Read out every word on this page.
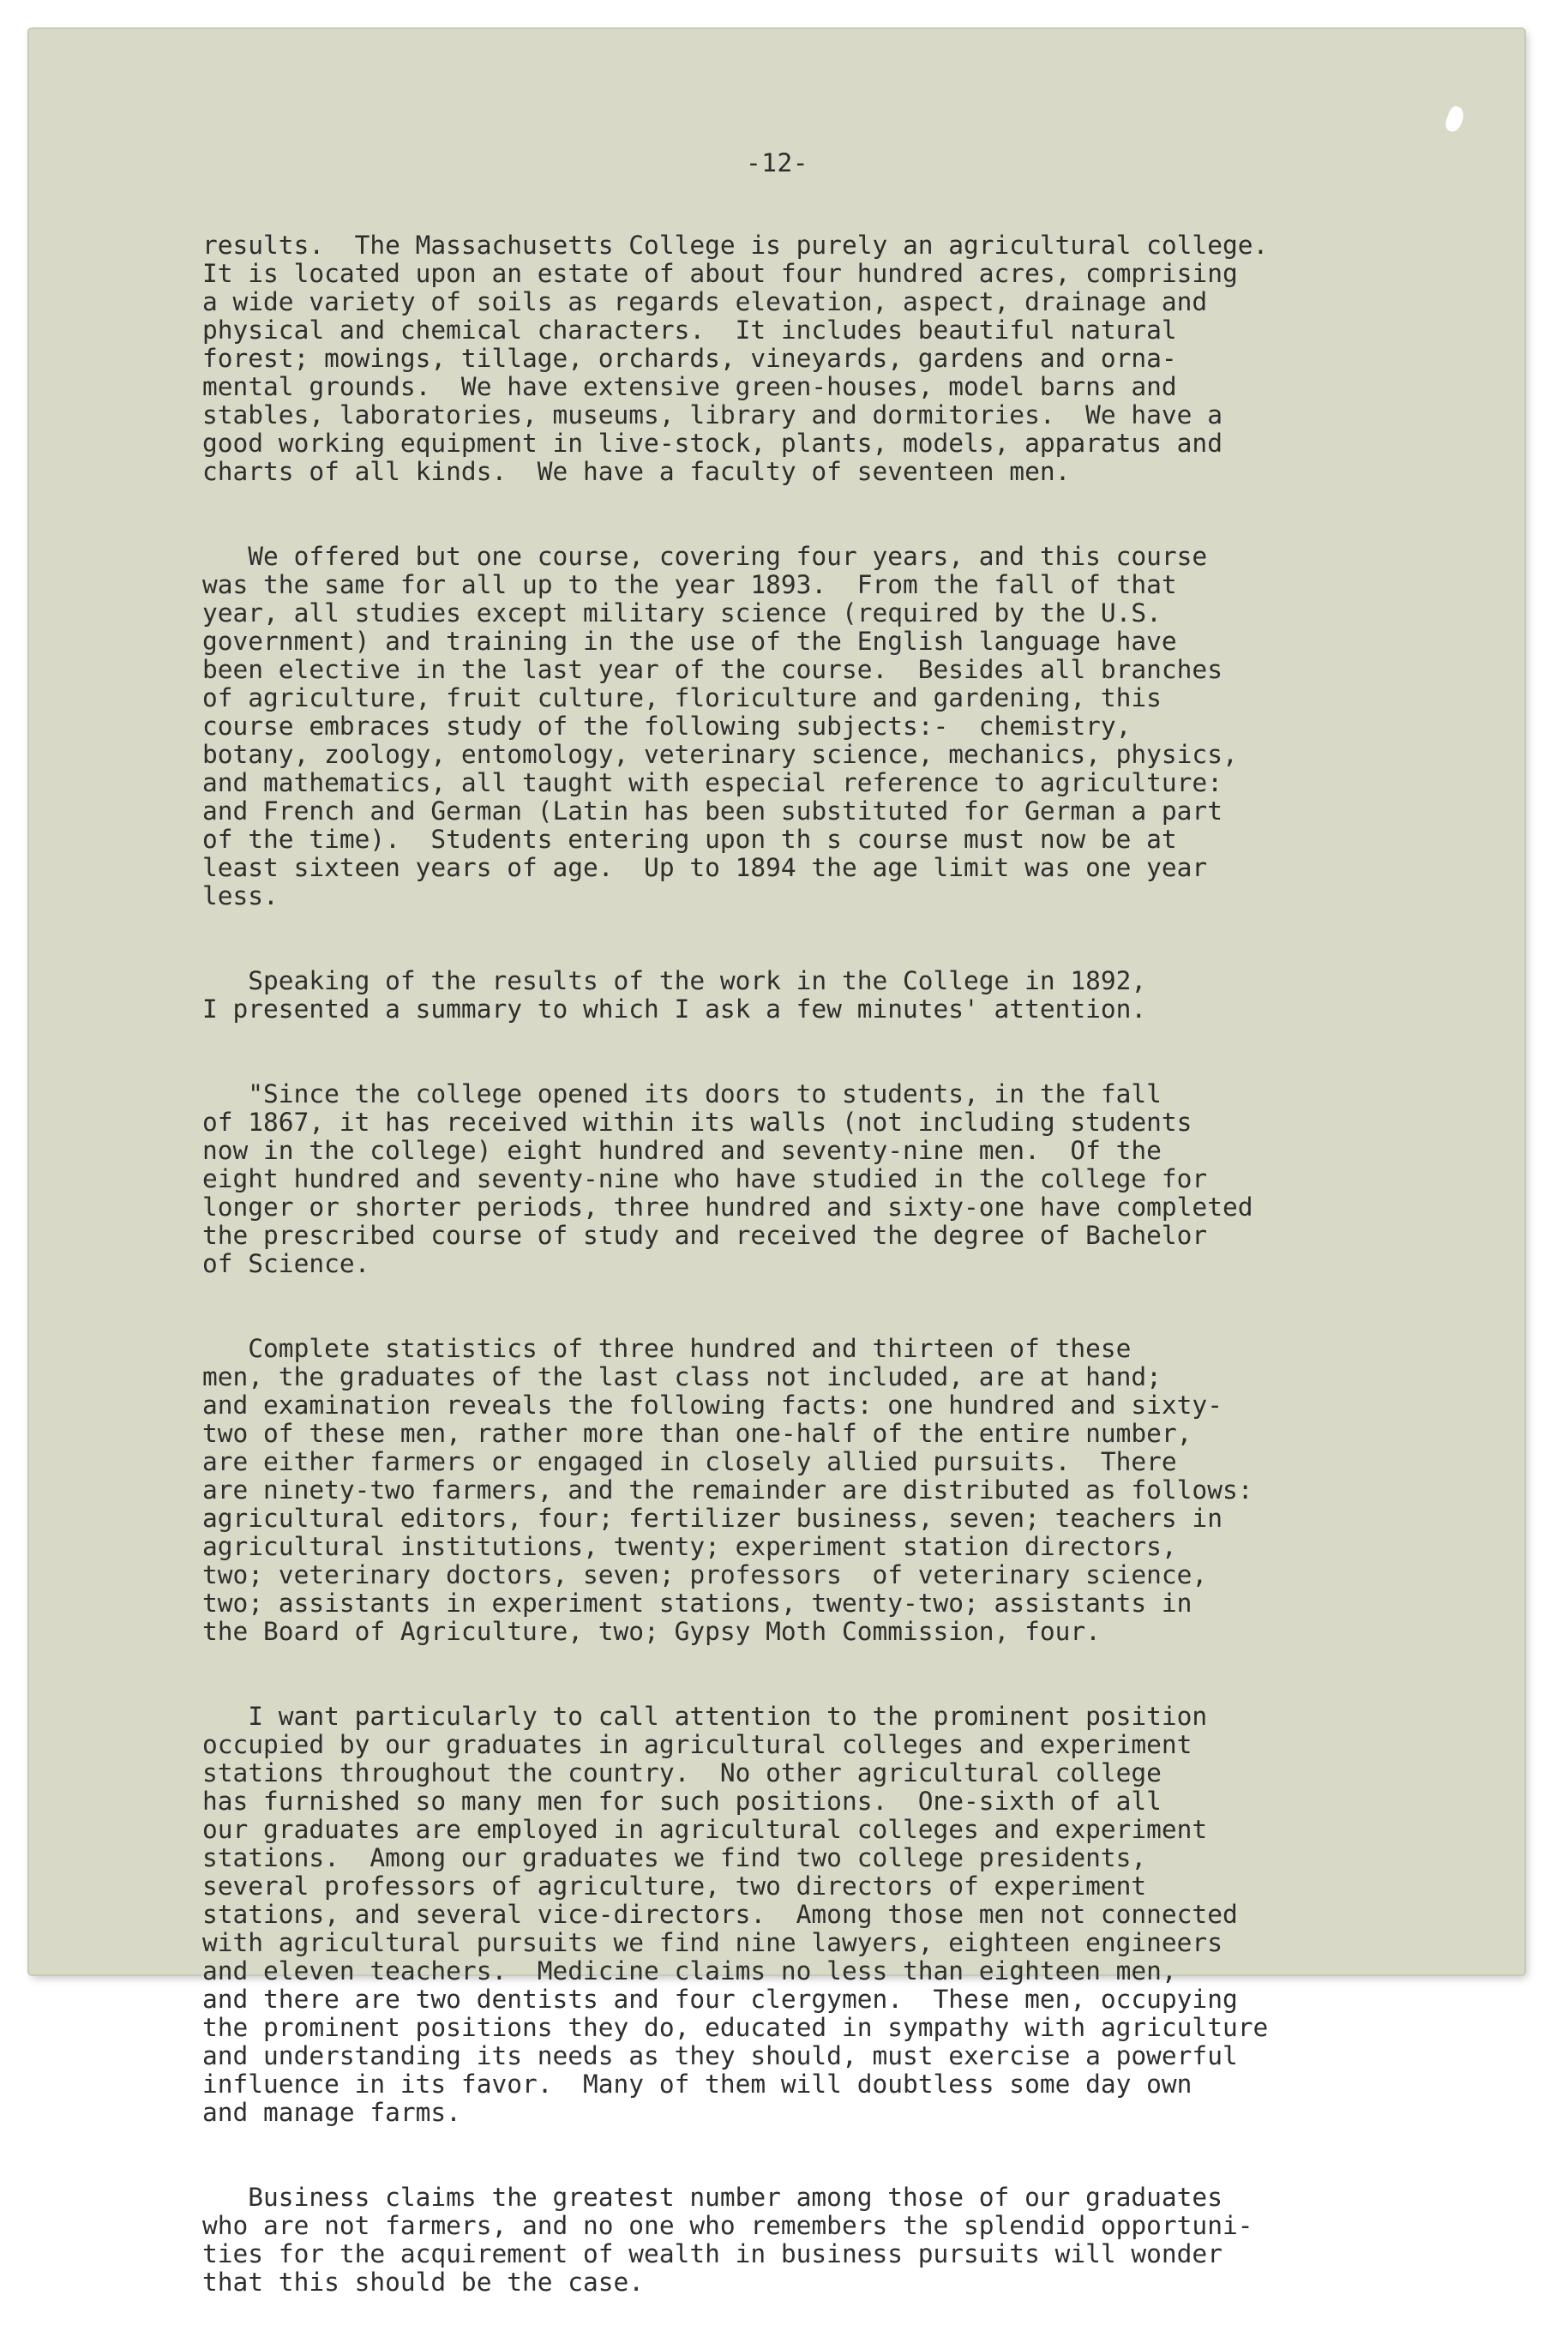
-12-

results.  The Massachusetts College is purely an agricultural college.
It is located upon an estate of about four hundred acres, comprising
a wide variety of soils as regards elevation, aspect, drainage and
physical and chemical characters.  It includes beautiful natural
forest; mowings, tillage, orchards, vineyards, gardens and orna-
mental grounds.  We have extensive green-houses, model barns and
stables, laboratories, museums, library and dormitories.  We have a
good working equipment in live-stock, plants, models, apparatus and
charts of all kinds.  We have a faculty of seventeen men.

We offered but one course, covering four years, and this course
was the same for all up to the year 1893.  From the fall of that
year, all studies except military science (required by the U.S.
government) and training in the use of the English language have
been elective in the last year of the course.  Besides all branches
of agriculture, fruit culture, floriculture and gardening, this
course embraces study of the following subjects:-  chemistry,
botany, zoology, entomology, veterinary science, mechanics, physics,
and mathematics, all taught with especial reference to agriculture:
and French and German (Latin has been substituted for German a part
of the time).  Students entering upon th s course must now be at
least sixteen years of age.  Up to 1894 the age limit was one year
less.

Speaking of the results of the work in the College in 1892,
I presented a summary to which I ask a few minutes' attention.

"Since the college opened its doors to students, in the fall
of 1867, it has received within its walls (not including students
now in the college) eight hundred and seventy-nine men.  Of the
eight hundred and seventy-nine who have studied in the college for
longer or shorter periods, three hundred and sixty-one have completed
the prescribed course of study and received the degree of Bachelor
of Science.

Complete statistics of three hundred and thirteen of these
men, the graduates of the last class not included, are at hand;
and examination reveals the following facts: one hundred and sixty-
two of these men, rather more than one-half of the entire number,
are either farmers or engaged in closely allied pursuits.  There
are ninety-two farmers, and the remainder are distributed as follows:
agricultural editors, four; fertilizer business, seven; teachers in
agricultural institutions, twenty; experiment station directors,
two; veterinary doctors, seven; professors  of veterinary science,
two; assistants in experiment stations, twenty-two; assistants in
the Board of Agriculture, two; Gypsy Moth Commission, four.

I want particularly to call attention to the prominent position
occupied by our graduates in agricultural colleges and experiment
stations throughout the country.  No other agricultural college
has furnished so many men for such positions.  One-sixth of all
our graduates are employed in agricultural colleges and experiment
stations.  Among our graduates we find two college presidents,
several professors of agriculture, two directors of experiment
stations, and several vice-directors.  Among those men not connected
with agricultural pursuits we find nine lawyers, eighteen engineers
and eleven teachers.  Medicine claims no less than eighteen men,
and there are two dentists and four clergymen.  These men, occupying
the prominent positions they do, educated in sympathy with agriculture
and understanding its needs as they should, must exercise a powerful
influence in its favor.  Many of them will doubtless some day own
and manage farms.

Business claims the greatest number among those of our graduates
who are not farmers, and no one who remembers the splendid opportuni-
ties for the acquirement of wealth in business pursuits will wonder
that this should be the case.
